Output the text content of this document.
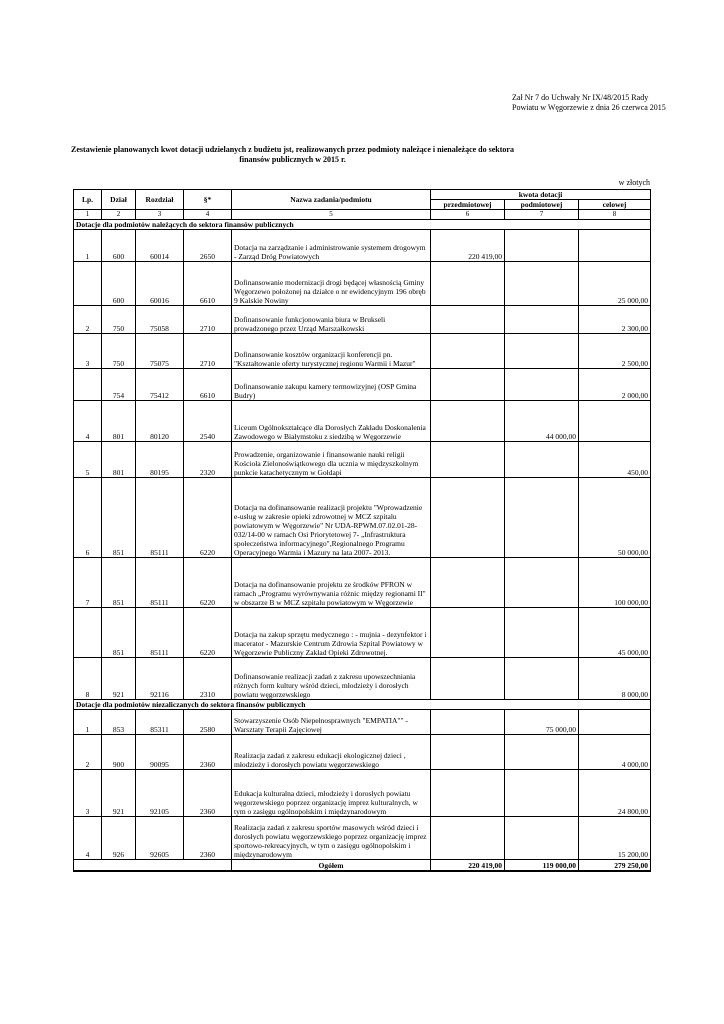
Zał Nr 7 do Uchwały Nr IX/48/2015 Rady Powiatu w Węgorzewie z dnia 26 czerwca 2015
Zestawienie planowanych kwot dotacji udzielanych z budżetu jst, realizowanych przez podmioty należące i nienależące do sektora finansów publicznych w 2015 r.
w złotych
Lp.	Dział	Rozdział	§*	Nazwa zadania/podmiotu	kwota dotacji		
					przedmiotowej	podmiotowej	celowej
1	2	3	4	5	6	7	8
Dotacje dla podmiotów należących do sektora finansów publicznych							
1	600	60014	2650	Dotacja na zarządzanie i administrowanie systemem drogowym - Zarząd Dróg Powiatowych	220 419,00		
	600	60016	6610	Dofinansowanie modernizacji drogi będącej własnością Gminy Węgorzewo położonej na działce o nr ewidencyjnym 196 obręb 9 Kalskie Nowiny			25 000,00
2	750	75058	2710	Dofinansowanie funkcjonowania biura w Brukseli prowadzonego przez Urząd Marszałkowski			2 300,00
3	750	75075	2710	Dofinansowanie kosztów organizacji konferencji pn. "Kształtowanie oferty turystycznej regionu Warmii i Mazur"			2 500,00
	754	75412	6610	Dofinansowanie zakupu kamery termowizyjnej (OSP Gmina Budry)			2 000,00
4	801	80120	2540	Liceum Ogólnokształcące dla Dorosłych Zakładu Doskonalenia Zawodowego w Białymstoku z siedzibą w Węgorzewie		44 000,00	
5	801	80195	2320	Prowadzenie, organizowanie i finansowanie nauki religii Kościoła Zielonoświątkowego dla ucznia w międzyszkolnym punkcie katachetycznym w Gołdapi			450,00
6	851	85111	6220	Dotacja na dofinansowanie realizacji projektu "Wprowadzenie e-usług w zakresie opieki zdrowotnej w MCZ szpitalu powiatowym w Węgorzewie" Nr UDA-RPWM.07.02.01-28-032/14-00 w ramach Osi Priorytetowej 7- „Infrastruktura społeczeństwa informacyjnego",Regionalnego Programu Operacyjnego Warmia i Mazury na lata 2007- 2013.			50 000,00
7	851	85111	6220	Dotacja na dofinansowanie projektu ze środków PFRON w ramach „Programu wyrównywania różnic między regionami II" w obszarze B w MCZ szpitalu powiatowym w Węgorzewie			100 000,00
	851	85111	6220	Dotacja na zakup sprzętu medycznego : - mujnia - dezynfektor i macerator - Mazurskie Centrum Zdrowia Szpital Powiatowy w Węgorzewie Publiczny Zakład Opieki Zdrowotnej.			45 000,00
8	921	92116	2310	Dofinansowanie realizacji zadań z zakresu upowszechniania różnych form kultury wśród dzieci, młodzieży i dorosłych powiatu węgorzewskiego			8 000,00
Dotacje dla podmiotów niezaliczanych do sektora finansów publicznych							
1	853	85311	2580	Stowarzyszenie Osób Niepełnosprawnych "EMPATIA"" - Warsztaty Terapii Zajęciowej		75 000,00	
2	900	90095	2360	Realizacja zadań z zakresu edukacji ekologicznej dzieci , młodzieży i dorosłych powiatu węgorzewskiego			4 000,00
3	921	92105	2360	Edukacja kulturalna dzieci, młodzieży i dorosłych powiatu węgorzewskiego poprzez organizację imprez kulturalnych, w tym o zasięgu ogólnopolskim i międzynarodowym			24 800,00
4	926	92605	2360	Realizacja zadań z zakresu sportów masowych wśród dzieci i dorosłych powiatu węgorzewskiego poprzez organizację imprez sportowo-rekreacyjnych, w tym o zasięgu ogólnopolskim i międzynarodowym			15 200,00
				Ogółem	220 419,00	119 000,00	279 250,00
